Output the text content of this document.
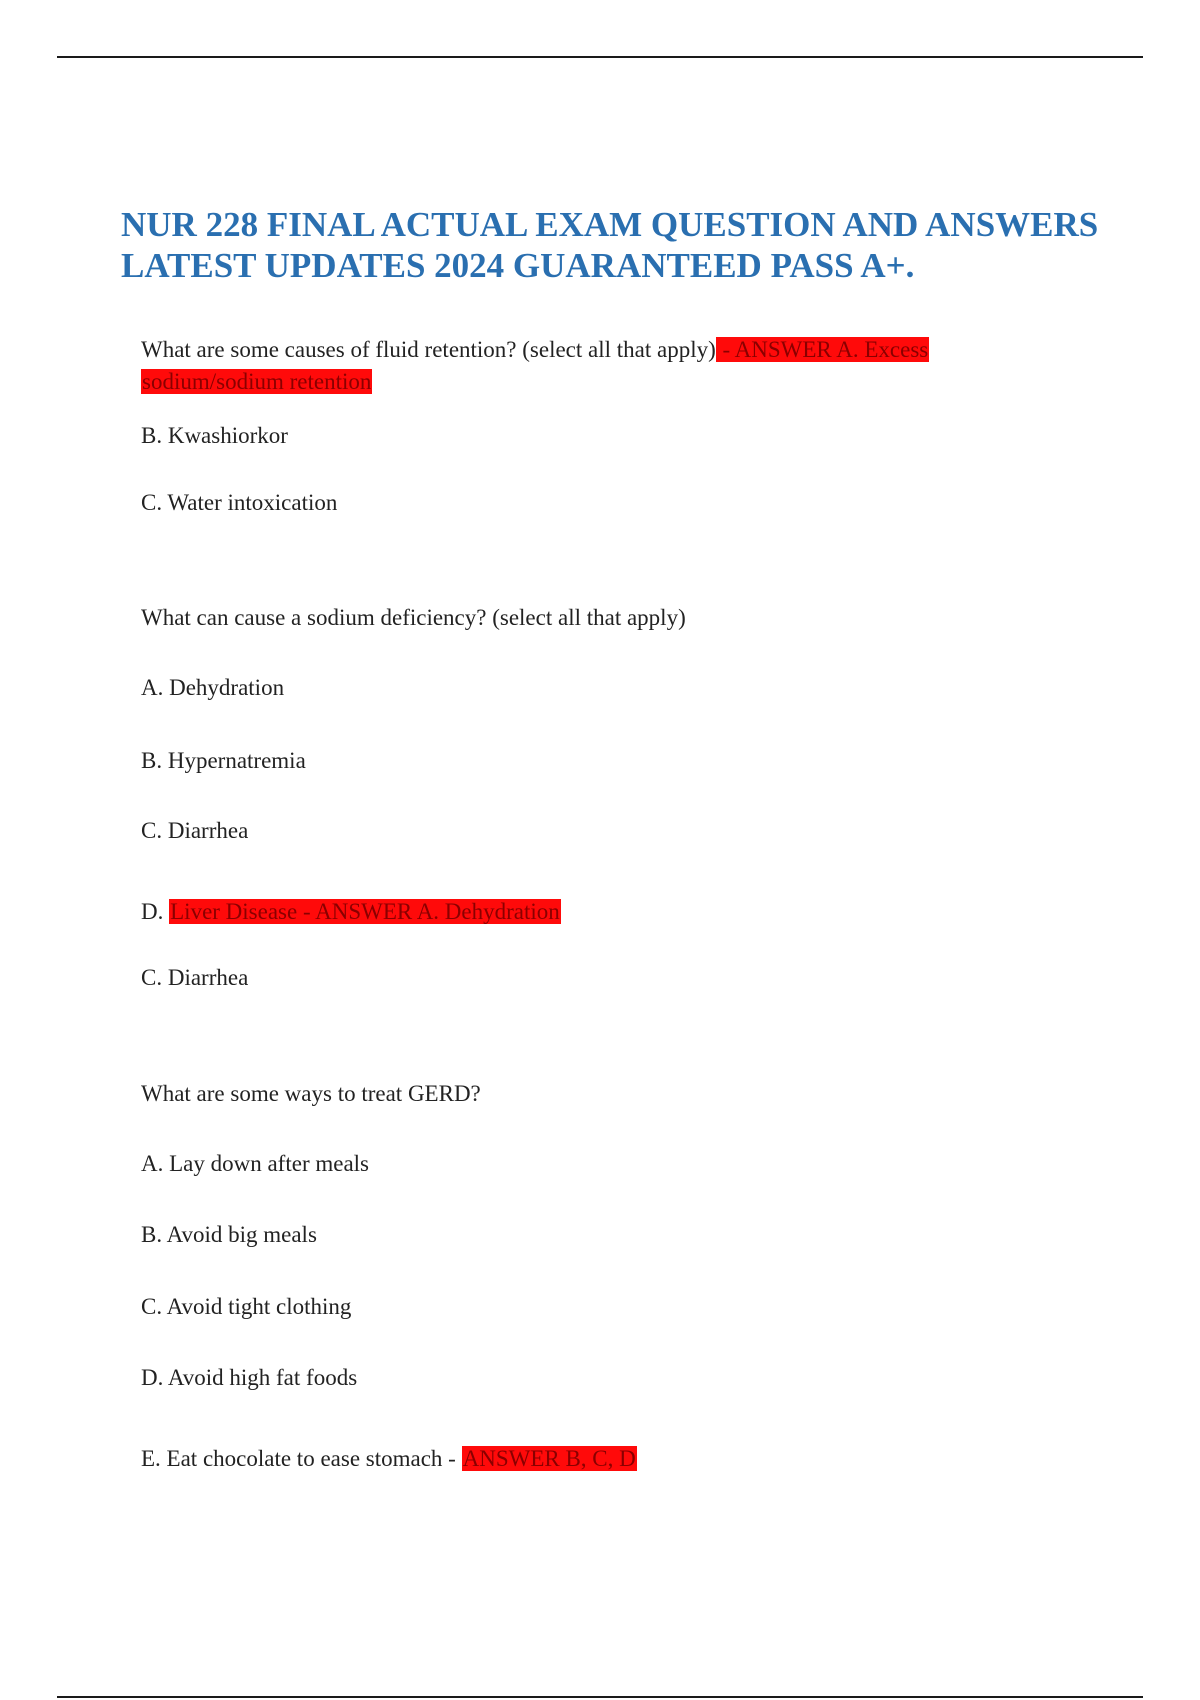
NUR 228 FINAL ACTUAL EXAM QUESTION AND ANSWERS LATEST UPDATES 2024 GUARANTEED PASS A+.

What are some causes of fluid retention? (select all that apply) - ANSWER A. Excess sodium/sodium retention

B. Kwashiorkor

C. Water intoxication

What can cause a sodium deficiency? (select all that apply)

A. Dehydration

B. Hypernatremia

C. Diarrhea

D. Liver Disease - ANSWER A. Dehydration

C. Diarrhea

What are some ways to treat GERD?

A. Lay down after meals

B. Avoid big meals

C. Avoid tight clothing

D. Avoid high fat foods

E. Eat chocolate to ease stomach - ANSWER B, C, D
